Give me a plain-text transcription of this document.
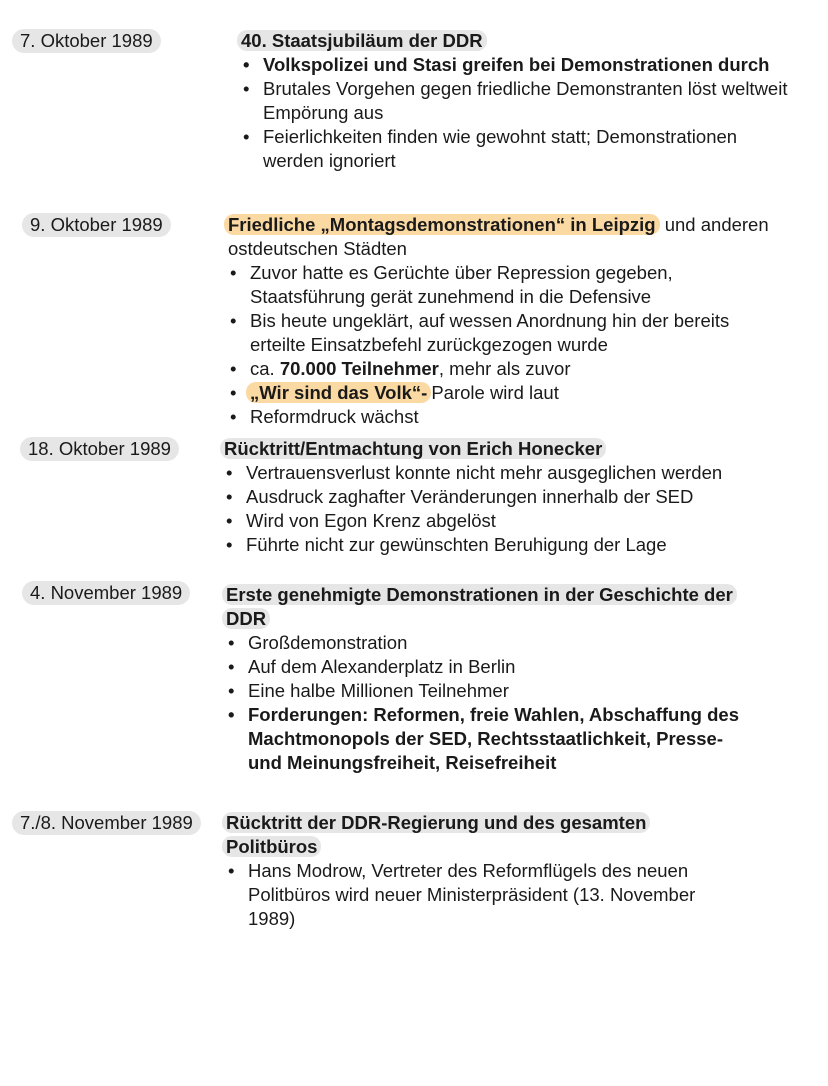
7. Oktober 1989	40. Staatsjubiläum der DDR
• Volkspolizei und Stasi greifen bei Demonstrationen durch
• Brutales Vorgehen gegen friedliche Demonstranten löst weltweit Empörung aus
• Feierlichkeiten finden wie gewohnt statt; Demonstrationen werden ignoriert
9. Oktober 1989	Friedliche „Montagsdemonstrationen“ in Leipzig und anderen ostdeutschen Städten
• Zuvor hatte es Gerüchte über Repression gegeben, Staatsführung gerät zunehmend in die Defensive
• Bis heute ungeklärt, auf wessen Anordnung hin der bereits erteilte Einsatzbefehl zurückgezogen wurde
• ca. 70.000 Teilnehmer, mehr als zuvor
• „Wir sind das Volk“- Parole wird laut
• Reformdruck wächst
18. Oktober 1989	Rücktritt/Entmachtung von Erich Honecker
• Vertrauensverlust konnte nicht mehr ausgeglichen werden
• Ausdruck zaghafter Veränderungen innerhalb der SED
• Wird von Egon Krenz abgelöst
• Führte nicht zur gewünschten Beruhigung der Lage
4. November 1989	Erste genehmigte Demonstrationen in der Geschichte der DDR
• Großdemonstration
• Auf dem Alexanderplatz in Berlin
• Eine halbe Millionen Teilnehmer
• Forderungen: Reformen, freie Wahlen, Abschaffung des Machtmonopols der SED, Rechtsstaatlichkeit, Presse- und Meinungsfreiheit, Reisefreiheit
7./8. November 1989	Rücktritt der DDR-Regierung und des gesamten Politbüros
• Hans Modrow, Vertreter des Reformflügels des neuen Politbüros wird neuer Ministerpräsident (13. November 1989)
